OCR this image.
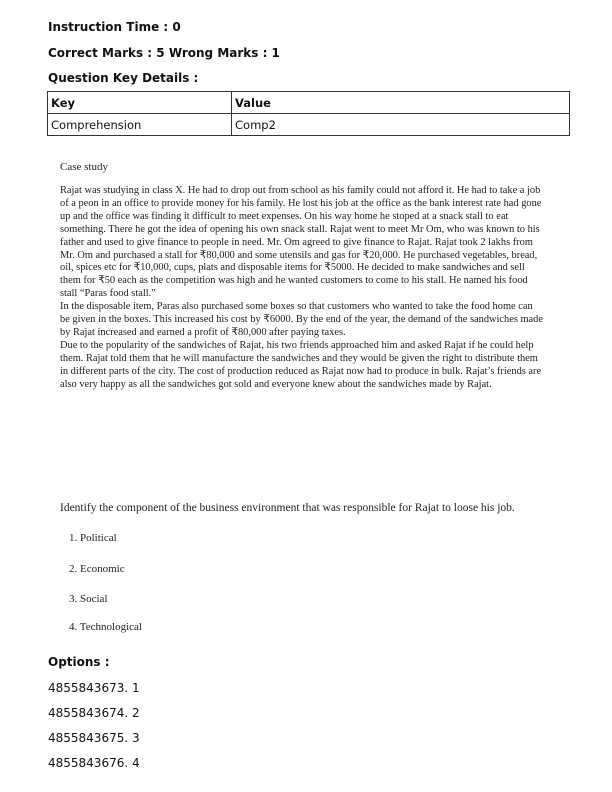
Instruction Time : 0
Correct Marks : 5 Wrong Marks : 1
Question Key Details :
Key	Value
Comprehension	Comp2
Case study

Rajat was studying in class X. He had to drop out from school as his family could not afford it. He had to take a job of a peon in an office to provide money for his family. He lost his job at the office as the bank interest rate had gone up and the office was finding it difficult to meet expenses. On his way home he stoped at a snack stall to eat something. There he got the idea of opening his own snack stall. Rajat went to meet Mr Om, who was known to his father and used to give finance to people in need. Mr. Om agreed to give finance to Rajat. Rajat took 2 lakhs from Mr. Om and purchased a stall for ₹80,000 and some utensils and gas for ₹20,000. He purchased vegetables, bread, oil, spices etc for ₹10,000, cups, plats and disposable items for ₹5000. He decided to make sandwiches and sell them for ₹50 each as the competition was high and he wanted customers to come to his stall. He named his food stall “Paras food stall.”

In the disposable item, Paras also purchased some boxes so that customers who wanted to take the food home can be given in the boxes. This increased his cost by ₹6000. By the end of the year, the demand of the sandwiches made by Rajat increased and earned a profit of ₹80,000 after paying taxes.

Due to the popularity of the sandwiches of Rajat, his two friends approached him and asked Rajat if he could help them. Rajat told them that he will manufacture the sandwiches and they would be given the right to distribute them in different parts of the city. The cost of production reduced as Rajat now had to produce in bulk. Rajat’s friends are also very happy as all the sandwiches got sold and everyone knew about the sandwiches made by Rajat.

Identify the component of the business environment that was responsible for Rajat to loose his job.
1. Political
2. Economic
3. Social
4. Technological
Options :
4855843673. 1
4855843674. 2
4855843675. 3
4855843676. 4
